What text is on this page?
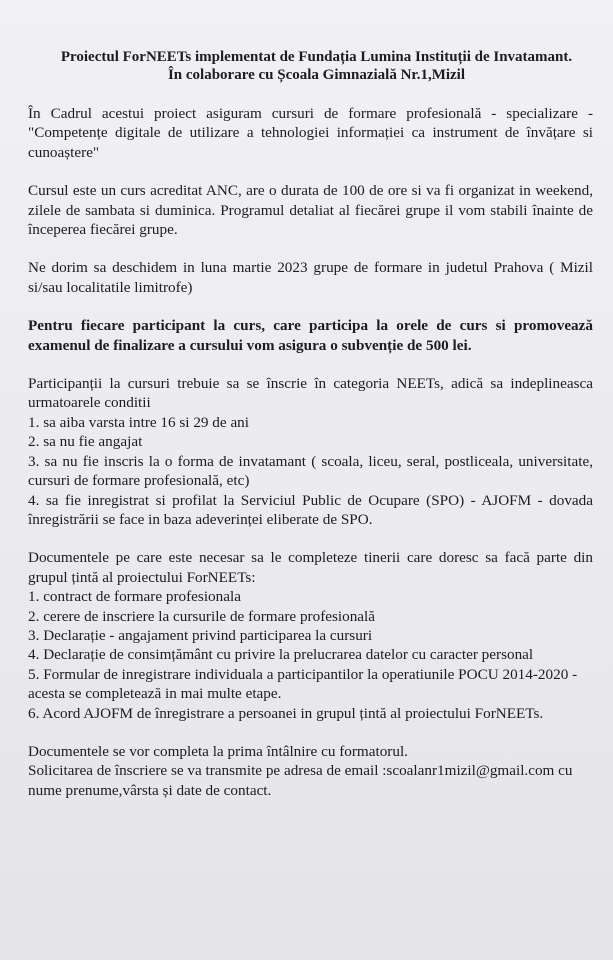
Proiectul ForNEETs implementat de Fundația Lumina Instituții de Invatamant.
În colaborare cu Școala Gimnazială Nr.1,Mizil

În Cadrul acestui proiect asiguram cursuri de formare profesională - specializare - "Competențe digitale de utilizare a tehnologiei informației ca instrument de învățare si cunoaștere"

Cursul este un curs acreditat ANC, are o durata de 100 de ore si va fi organizat in weekend, zilele de sambata si duminica. Programul detaliat al fiecărei grupe il vom stabili înainte de începerea fiecărei grupe.

Ne dorim sa deschidem in luna martie 2023 grupe de formare in judetul Prahova ( Mizil si/sau localitatile limitrofe)

Pentru fiecare participant la curs, care participa la orele de curs si promovează examenul de finalizare a cursului vom asigura o subvenție de 500 lei.

Participanții la cursuri trebuie sa se înscrie în categoria NEETs, adică sa indeplineasca urmatoarele conditii

1. sa aiba varsta intre 16 si 29 de ani

2. sa nu fie angajat

3. sa nu fie inscris la o forma de invatamant ( scoala, liceu, seral, postliceala, universitate, cursuri de formare profesională, etc)

4. sa fie inregistrat si profilat la Serviciul Public de Ocupare (SPO) - AJOFM - dovada înregistrării se face in baza adeverinței eliberate de SPO.

Documentele pe care este necesar sa le completeze tinerii care doresc sa facă parte din grupul țintă al proiectului ForNEETs:

1. contract de formare profesionala

2. cerere de inscriere la cursurile de formare profesională

3. Declarație - angajament privind participarea la cursuri

4. Declarație de consimțământ cu privire la prelucrarea datelor cu caracter personal

5. Formular de inregistrare individuala a participantilor la operatiunile POCU 2014-2020 - acesta se completează in mai multe etape.

6. Acord AJOFM de înregistrare a persoanei in grupul țintă al proiectului ForNEETs.

Documentele se vor completa la prima întâlnire cu formatorul.

Solicitarea de înscriere se va transmite pe adresa de email :scoalanr1mizil@gmail.com cu nume prenume,vârsta și date de contact.
